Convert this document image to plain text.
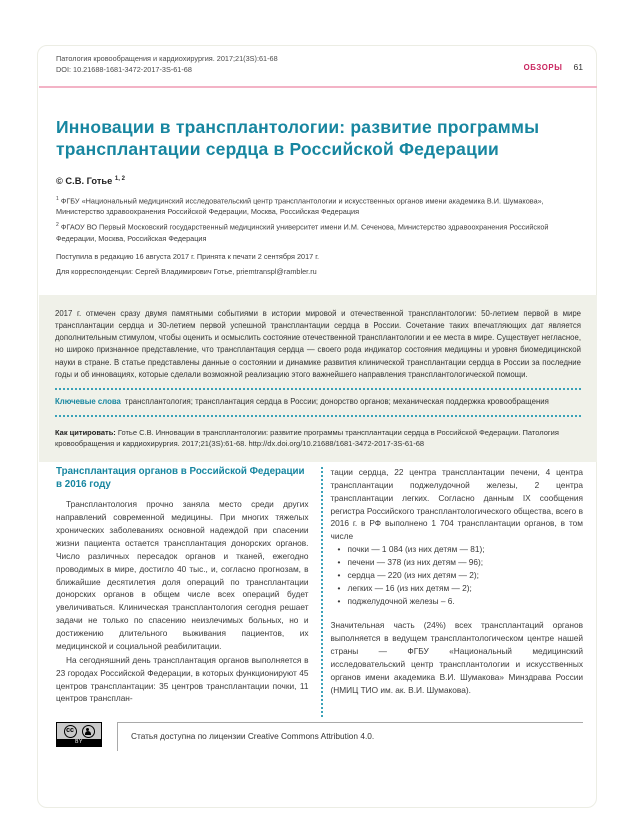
Патология кровообращения и кардиохирургия. 2017;21(3S):61-68
DOI: 10.21688-1681-3472-2017-3S-61-68	ОБЗОРЫ 61
Инновации в трансплантологии: развитие программы трансплантации сердца в Российской Федерации
© С.В. Готье $^{1, 2}$

$^1$ ФГБУ «Национальный медицинский исследовательский центр трансплантологии и искусственных органов имени академика В.И. Шумакова», Министерство здравоохранения Российской Федерации, Москва, Российская Федерация

$^2$ ФГАОУ ВО Первый Московский государственный медицинский университет имени И.М. Сеченова, Министерство здравоохранения Российской Федерации, Москва, Российская Федерация

Поступила в редакцию 16 августа 2017 г. Принята к печати 2 сентября 2017 г.

Для корреспонденции: Сергей Владимирович Готье, priemtranspl@rambler.ru

2017 г. отмечен сразу двумя памятными событиями в истории мировой и отечественной трансплантологии: 50-летием первой в мире трансплантации сердца и 30-летием первой успешной трансплантации сердца в России. Сочетание таких впечатляющих дат является дополнительным стимулом, чтобы оценить и осмыслить состояние отечественной трансплантологии и ее места в мире. Существует негласное, но широко признанное представление, что трансплантация сердца — своего рода индикатор состояния медицины и уровня биомедицинской науки в стране. В статье представлены данные о состоянии и динамике развития клинической трансплантации сердца в России за последние годы и об инновациях, которые сделали возможной реализацию этого важнейшего направления трансплантологической помощи.

Ключевые слова трансплантология; трансплантация сердца в России; донорство органов; механическая поддержка кровообращения

Как цитировать: Готье С.В. Инновации в трансплантологии: развитие программы трансплантации сердца в Российской Федерации. Патология кровообращения и кардиохирургия. 2017;21(3S):61-68. http://dx.doi.org/10.21688/1681-3472-2017-3S-61-68

Трансплантация органов в Российской Федерации в 2016 году

Трансплантология прочно заняла место среди других направлений современной медицины. При многих тяжелых хронических заболеваниях основной надеждой при спасении жизни пациента остается трансплантация донорских органов. Число различных пересадок органов и тканей, ежегодно проводимых в мире, достигло 40 тыс., и, согласно прогнозам, в ближайшие десятилетия доля операций по трансплантации донорских органов в общем числе всех операций будет увеличиваться. Клиническая трансплантология сегодня решает задачи не только по спасению неизлечимых больных, но и достижению длительного выживания пациентов, их медицинской и социальной реабилитации.

На сегодняшний день трансплантация органов выполняется в 23 городах Российской Федерации, в которых функционируют 45 центров трансплантации: 35 центров трансплантации почки, 11 центров трансплан-

тации сердца, 22 центра трансплантации печени, 4 центра трансплантации поджелудочной железы, 2 центра трансплантации легких. Согласно данным IX сообщения регистра Российского трансплантологического общества, всего в 2016 г. в РФ выполнено 1 704 трансплантации органов, в том числе

• почки — 1 084 (из них детям — 81);
• печени — 378 (из них детям — 96);
• сердца — 220 (из них детям — 2);
• легких — 16 (из них детям — 2);
• поджелудочной железы – 6.

Значительная часть (24%) всех трансплантаций органов выполняется в ведущем трансплантологическом центре нашей страны — ФГБУ «Национальный медицинский исследовательский центр трансплантологии и искусственных органов имени академика В.И. Шумакова» Минздрава России (НМИЦ ТИО им. ак. В.И. Шумакова).

cc
BY
Статья доступна по лицензии Creative Commons Attribution 4.0.
